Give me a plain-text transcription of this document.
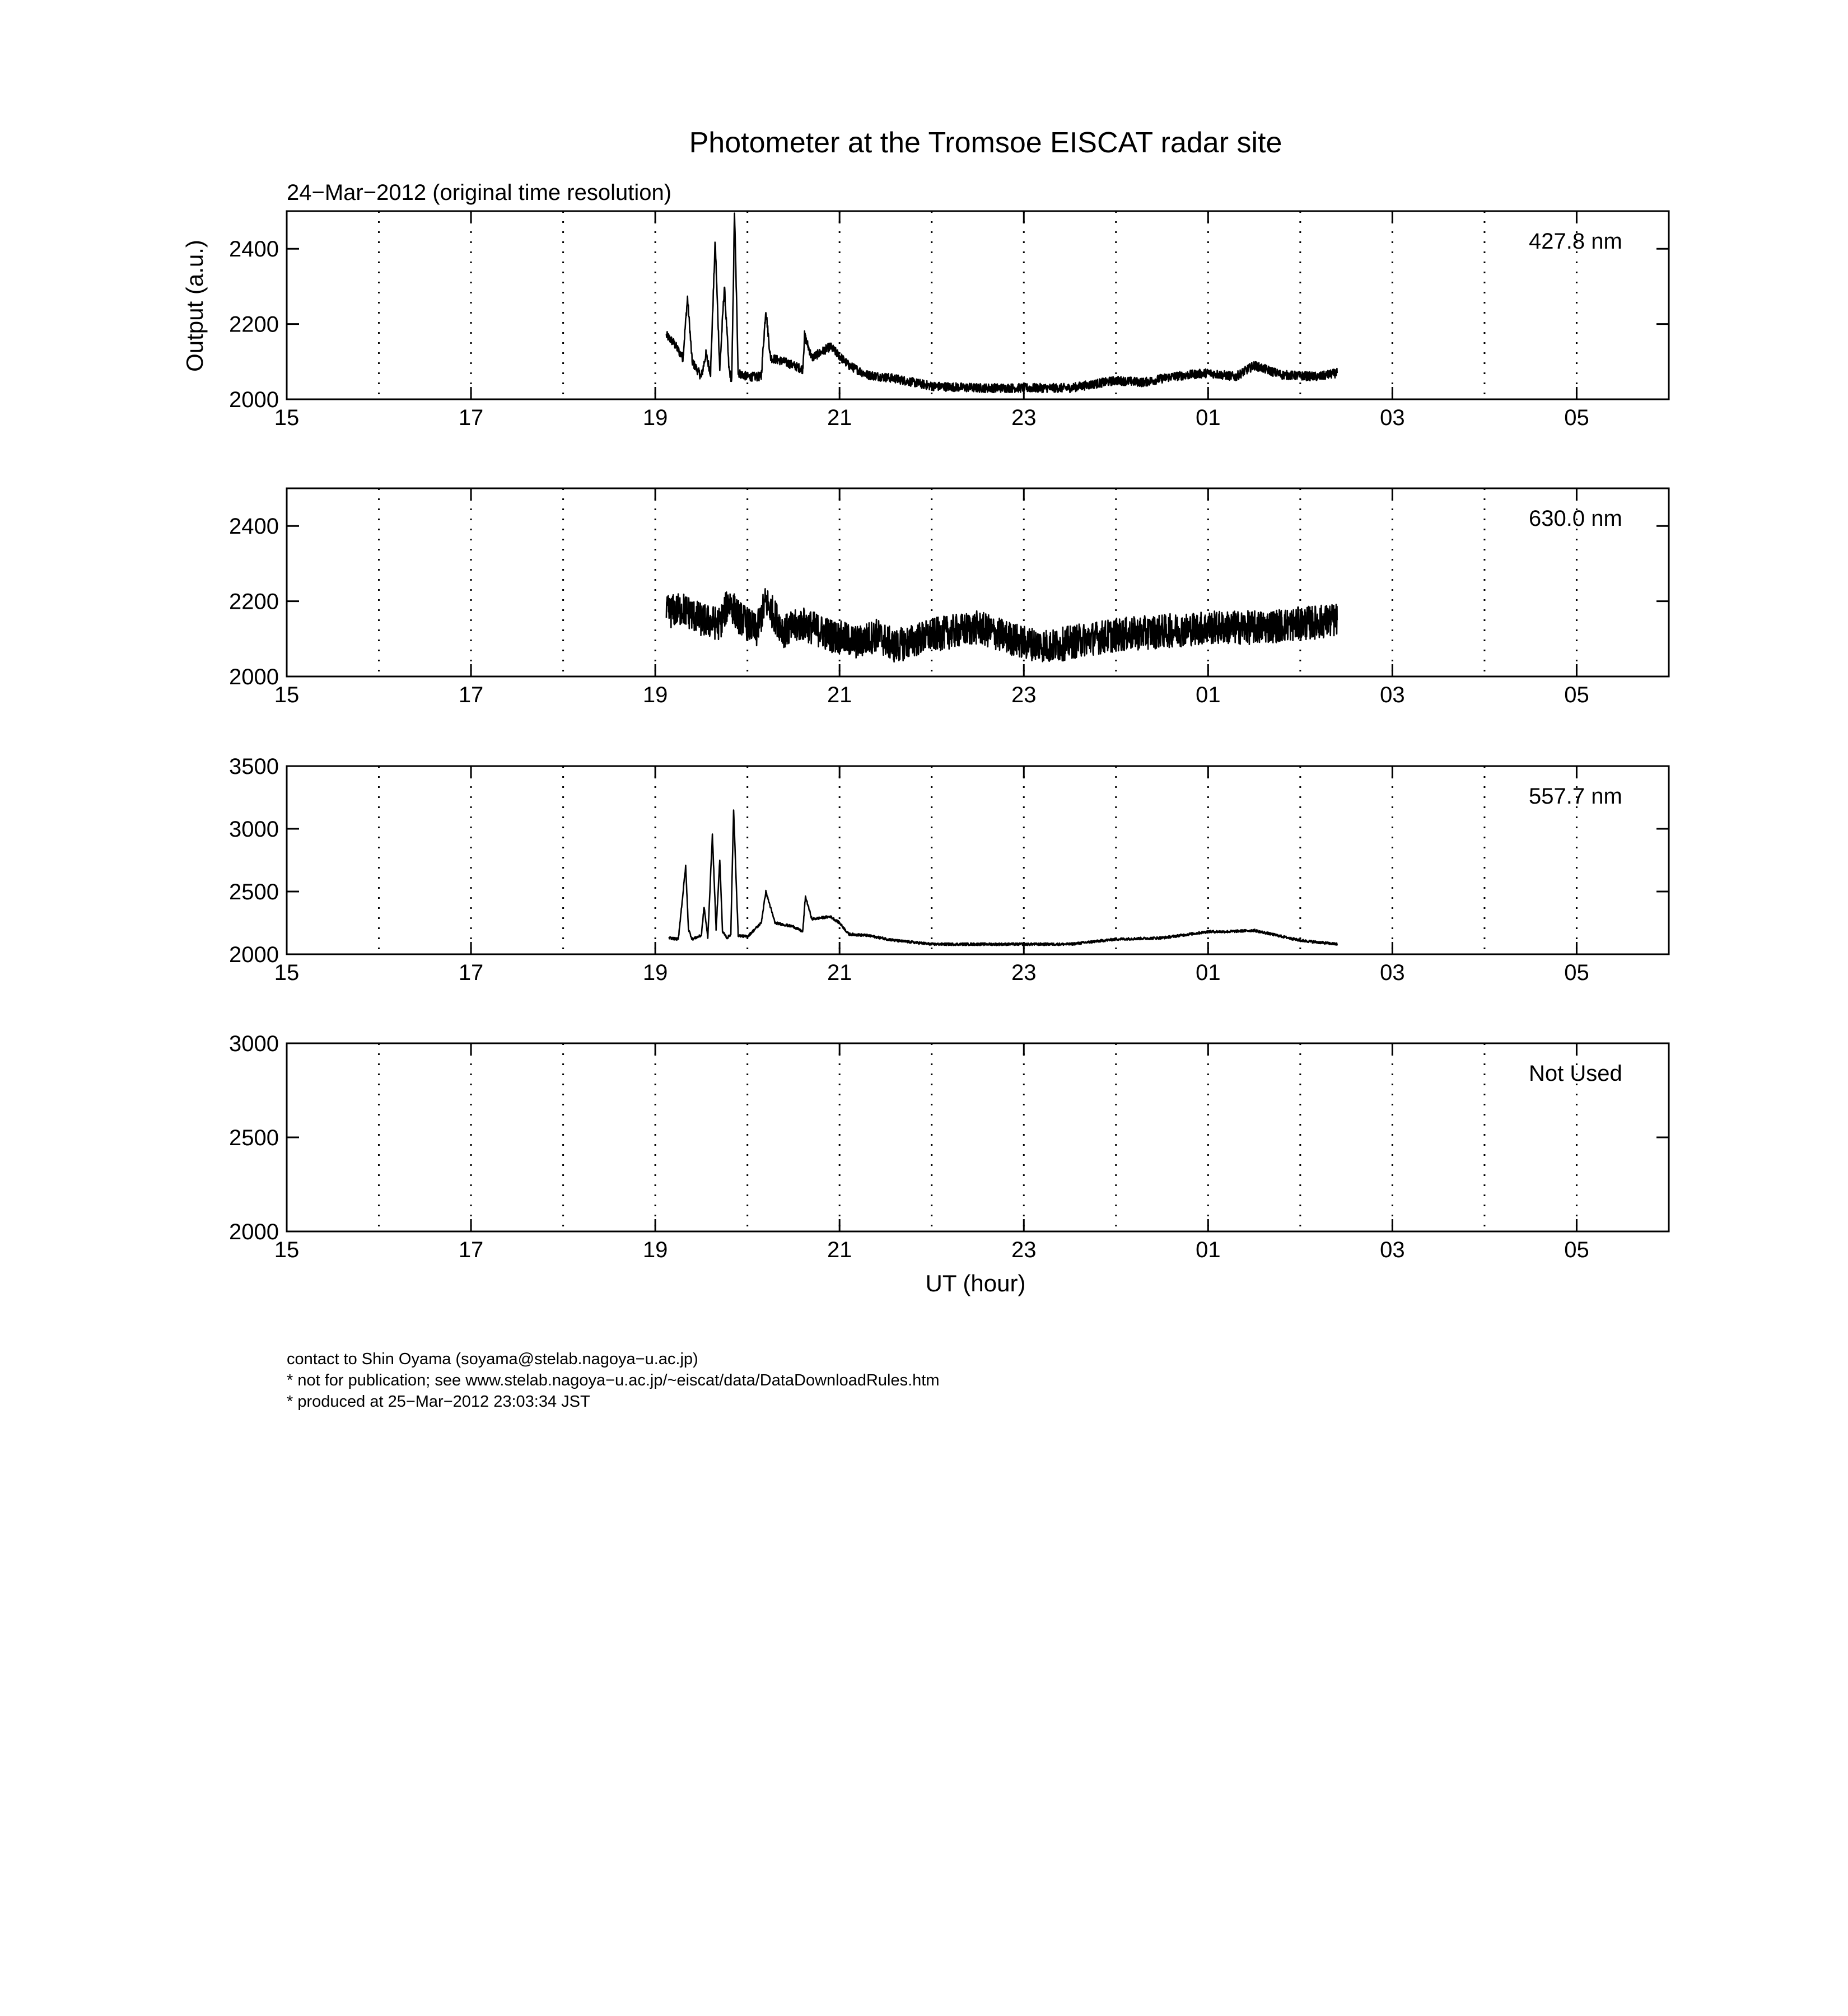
Photometer at the Tromsoe EISCAT radar site
24−Mar−2012 (original time resolution)
Output (a.u.)
UT (hour)
2000
2200
2400
15	17	19	21	23	01	03	05
427.8 nm
2000
2200
2400
15	17	19	21	23	01	03	05
630.0 nm
2000
2500
3000
3500
15	17	19	21	23	01	03	05
557.7 nm
2000
2500
3000
15	17	19	21	23	01	03	05
Not Used
contact to Shin Oyama (soyama@stelab.nagoya−u.ac.jp)
* not for publication; see www.stelab.nagoya−u.ac.jp/~eiscat/data/DataDownloadRules.htm
* produced at 25−Mar−2012 23:03:34 JST
